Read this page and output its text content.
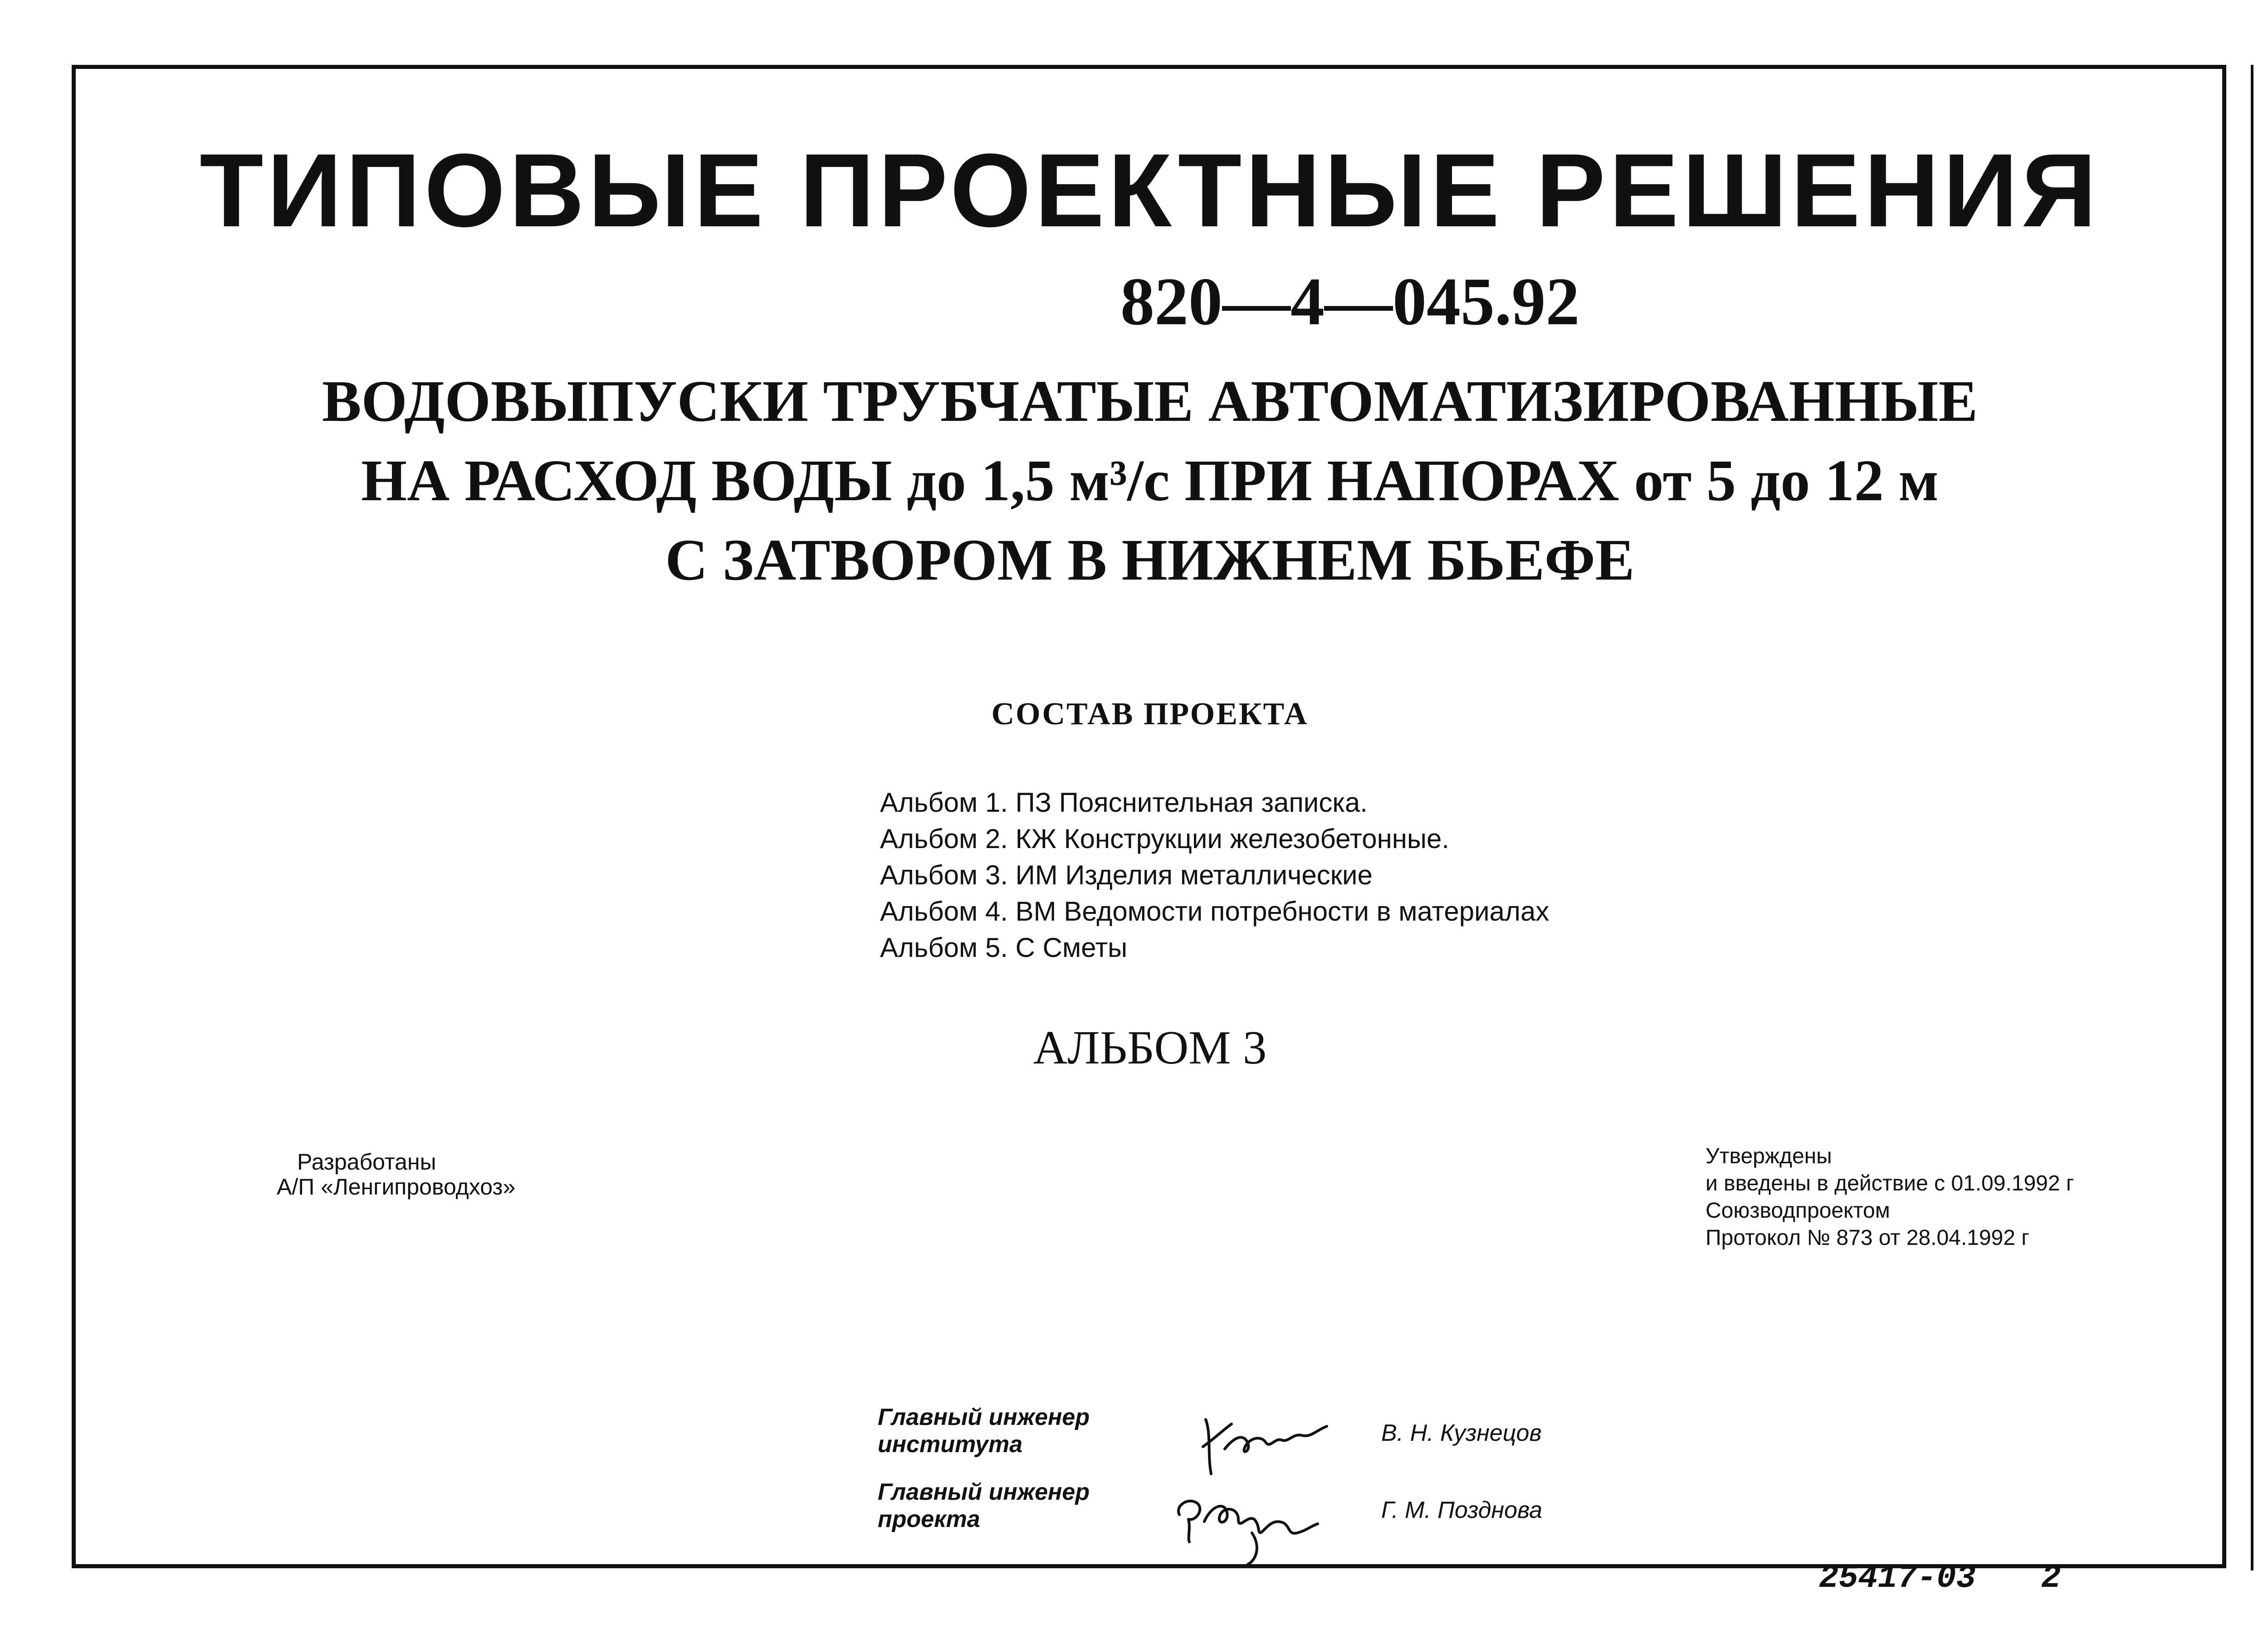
ТИПОВЫЕ ПРОЕКТНЫЕ РЕШЕНИЯ
820—4—045.92
ВОДОВЫПУСКИ ТРУБЧАТЫЕ АВТОМАТИЗИРОВАННЫЕ
НА РАСХОД ВОДЫ до 1,5 м³/с ПРИ НАПОРАХ от 5 до 12 м
С ЗАТВОРОМ В НИЖНЕМ БЬЕФЕ
СОСТАВ ПРОЕКТА
Альбом 1. ПЗ Пояснительная записка.
Альбом 2. КЖ Конструкции железобетонные.
Альбом 3. ИМ Изделия металлические
Альбом 4. ВМ Ведомости потребности в материалах
Альбом 5. С Сметы
АЛЬБОМ 3
Разработаны
А/П «Ленгипроводхоз»
Утверждены
и введены в действие с 01.09.1992 г
Союзводпроектом
Протокол № 873 от 28.04.1992 г
Главный инженер
института	В. Н. Кузнецов
Главный инженер
проекта	Г. М. Позднова
25417-03 2
